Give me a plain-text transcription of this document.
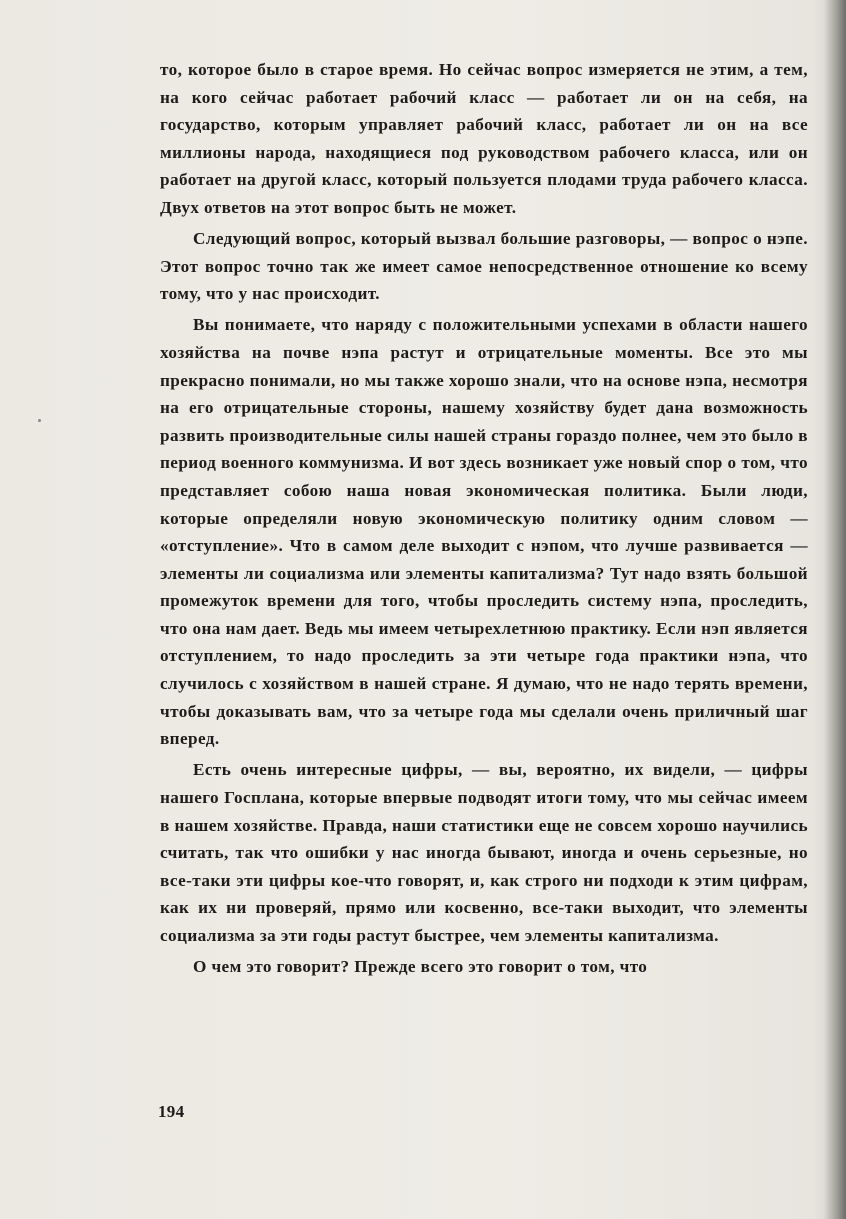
то, которое было в старое время. Но сейчас вопрос измеряется не этим, а тем, на кого сейчас работает рабочий класс — работает ли он на себя, на государство, которым управляет рабочий класс, работает ли он на все миллионы народа, находящиеся под руководством рабочего класса, или он работает на другой класс, который пользуется плодами труда рабочего класса. Двух ответов на этот вопрос быть не может.

Следующий вопрос, который вызвал большие разговоры, — вопрос о нэпе. Этот вопрос точно так же имеет самое непосредственное отношение ко всему тому, что у нас происходит.

Вы понимаете, что наряду с положительными успехами в области нашего хозяйства на почве нэпа растут и отрицательные моменты. Все это мы прекрасно понимали, но мы также хорошо знали, что на основе нэпа, несмотря на его отрицательные стороны, нашему хозяйству будет дана возможность развить производительные силы нашей страны гораздо полнее, чем это было в период военного коммунизма. И вот здесь возникает уже новый спор о том, что представляет собою наша новая экономическая политика. Были люди, которые определяли новую экономическую политику одним словом — «отступление». Что в самом деле выходит с нэпом, что лучше развивается — элементы ли социализма или элементы капитализма? Тут надо взять большой промежуток времени для того, чтобы проследить систему нэпа, проследить, что она нам дает. Ведь мы имеем четырехлетнюю практику. Если нэп является отступлением, то надо проследить за эти четыре года практики нэпа, что случилось с хозяйством в нашей стране. Я думаю, что не надо терять времени, чтобы доказывать вам, что за четыре года мы сделали очень приличный шаг вперед.

Есть очень интересные цифры, — вы, вероятно, их видели, — цифры нашего Госплана, которые впервые подводят итоги тому, что мы сейчас имеем в нашем хозяйстве. Правда, наши статистики еще не совсем хорошо научились считать, так что ошибки у нас иногда бывают, иногда и очень серьезные, но все-таки эти цифры кое-что говорят, и, как строго ни подходи к этим цифрам, как их ни проверяй, прямо или косвенно, все-таки выходит, что элементы социализма за эти годы растут быстрее, чем элементы капитализма.

О чем это говорит? Прежде всего это говорит о том, что

194
